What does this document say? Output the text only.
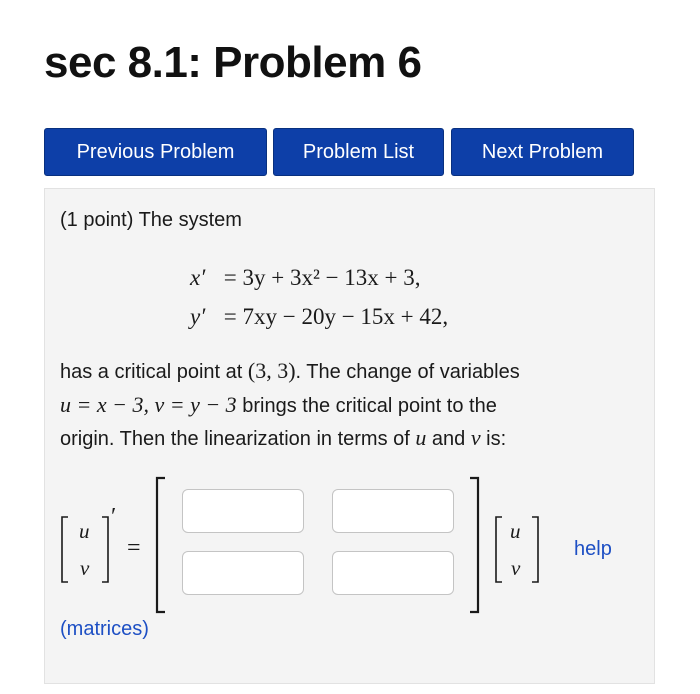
sec 8.1: Problem 6
Previous Problem	Problem List	Next Problem
(1 point) The system
x′ = 3y + 3x² − 13x + 3,
y′ = 7xy − 20y − 15x + 42,
has a critical point at (3, 3). The change of variables
u = x − 3, v = y − 3 brings the critical point to the
origin. Then the linearization in terms of u and v is:
u
v
′
=
u
v
help
(matrices)
